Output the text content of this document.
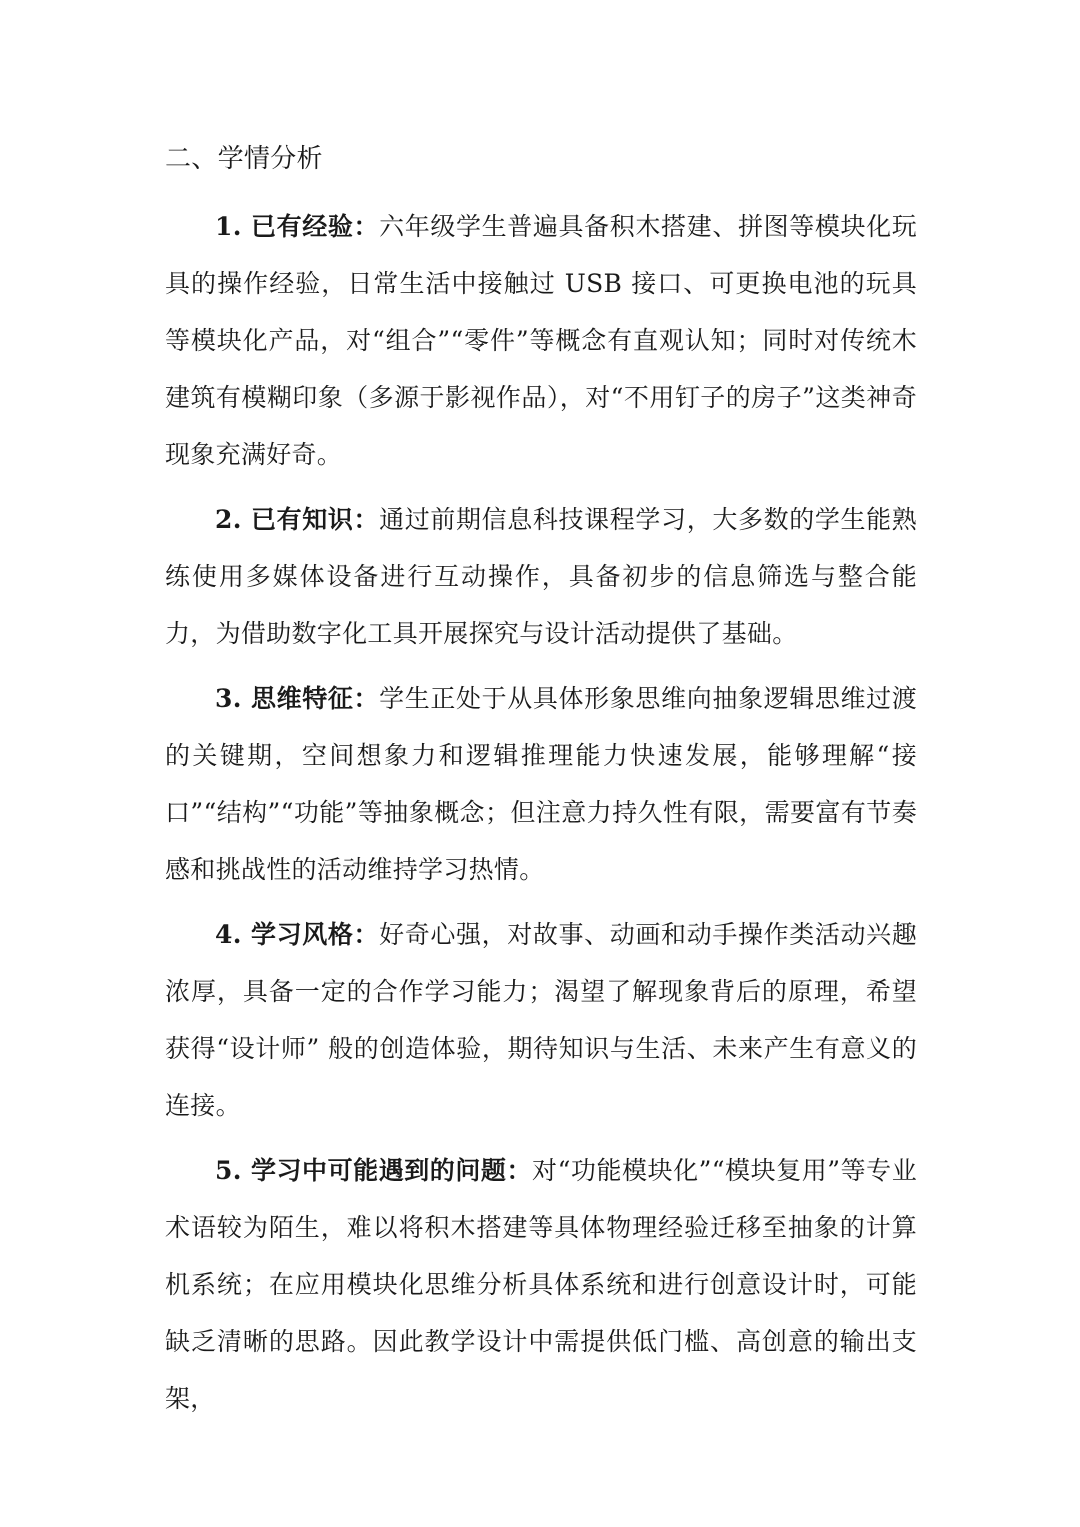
二、学情分析

1. 已有经验：六年级学生普遍具备积木搭建、拼图等模块化玩具的操作经验，日常生活中接触过 USB 接口、可更换电池的玩具等模块化产品，对“组合”“零件”等概念有直观认知；同时对传统木建筑有模糊印象（多源于影视作品），对“不用钉子的房子”这类神奇现象充满好奇。

2. 已有知识：通过前期信息科技课程学习，大多数的学生能熟练使用多媒体设备进行互动操作，具备初步的信息筛选与整合能力，为借助数字化工具开展探究与设计活动提供了基础。

3. 思维特征：学生正处于从具体形象思维向抽象逻辑思维过渡的关键期，空间想象力和逻辑推理能力快速发展，能够理解“接口”“结构”“功能”等抽象概念；但注意力持久性有限，需要富有节奏感和挑战性的活动维持学习热情。

4. 学习风格：好奇心强，对故事、动画和动手操作类活动兴趣浓厚，具备一定的合作学习能力；渴望了解现象背后的原理，希望获得“设计师” 般的创造体验，期待知识与生活、未来产生有意义的连接。

5. 学习中可能遇到的问题：对“功能模块化”“模块复用”等专业术语较为陌生，难以将积木搭建等具体物理经验迁移至抽象的计算机系统；在应用模块化思维分析具体系统和进行创意设计时，可能缺乏清晰的思路。因此教学设计中需提供低门槛、高创意的输出支架，
